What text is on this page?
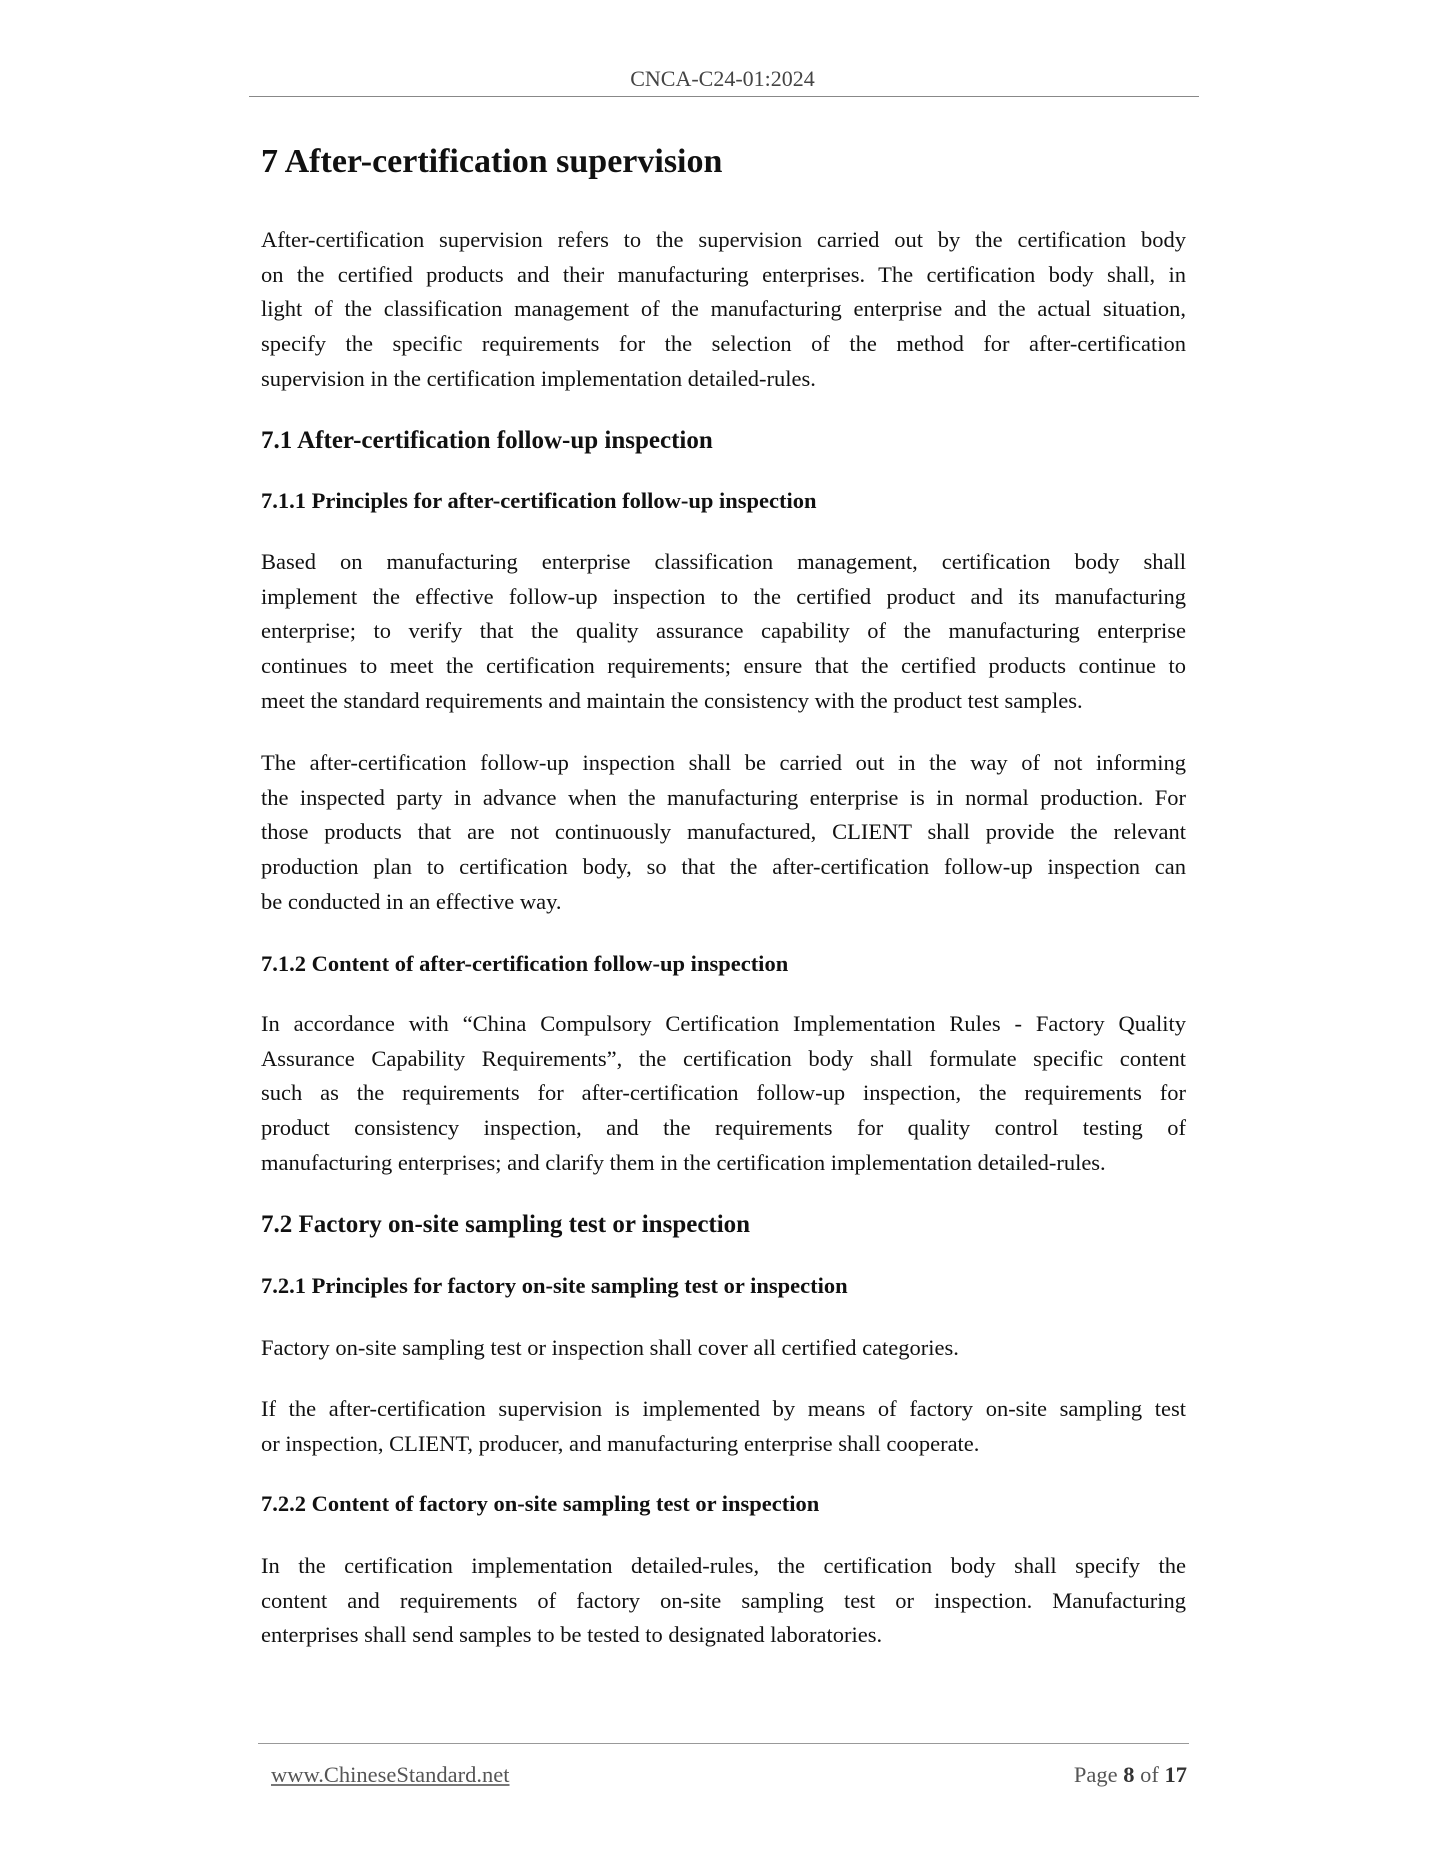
CNCA-C24-01:2024
7 After-certification supervision
After-certification supervision refers to the supervision carried out by the certification body
on the certified products and their manufacturing enterprises. The certification body shall, in
light of the classification management of the manufacturing enterprise and the actual situation,
specify the specific requirements for the selection of the method for after-certification
supervision in the certification implementation detailed-rules.
7.1 After-certification follow-up inspection
7.1.1 Principles for after-certification follow-up inspection
Based on manufacturing enterprise classification management, certification body shall
implement the effective follow-up inspection to the certified product and its manufacturing
enterprise; to verify that the quality assurance capability of the manufacturing enterprise
continues to meet the certification requirements; ensure that the certified products continue to
meet the standard requirements and maintain the consistency with the product test samples.
The after-certification follow-up inspection shall be carried out in the way of not informing
the inspected party in advance when the manufacturing enterprise is in normal production. For
those products that are not continuously manufactured, CLIENT shall provide the relevant
production plan to certification body, so that the after-certification follow-up inspection can
be conducted in an effective way.
7.1.2 Content of after-certification follow-up inspection
In accordance with “China Compulsory Certification Implementation Rules - Factory Quality
Assurance Capability Requirements”, the certification body shall formulate specific content
such as the requirements for after-certification follow-up inspection, the requirements for
product consistency inspection, and the requirements for quality control testing of
manufacturing enterprises; and clarify them in the certification implementation detailed-rules.
7.2 Factory on-site sampling test or inspection
7.2.1 Principles for factory on-site sampling test or inspection
Factory on-site sampling test or inspection shall cover all certified categories.
If the after-certification supervision is implemented by means of factory on-site sampling test
or inspection, CLIENT, producer, and manufacturing enterprise shall cooperate.
7.2.2 Content of factory on-site sampling test or inspection
In the certification implementation detailed-rules, the certification body shall specify the
content and requirements of factory on-site sampling test or inspection. Manufacturing
enterprises shall send samples to be tested to designated laboratories.
www.ChineseStandard.net	Page 8 of 17
